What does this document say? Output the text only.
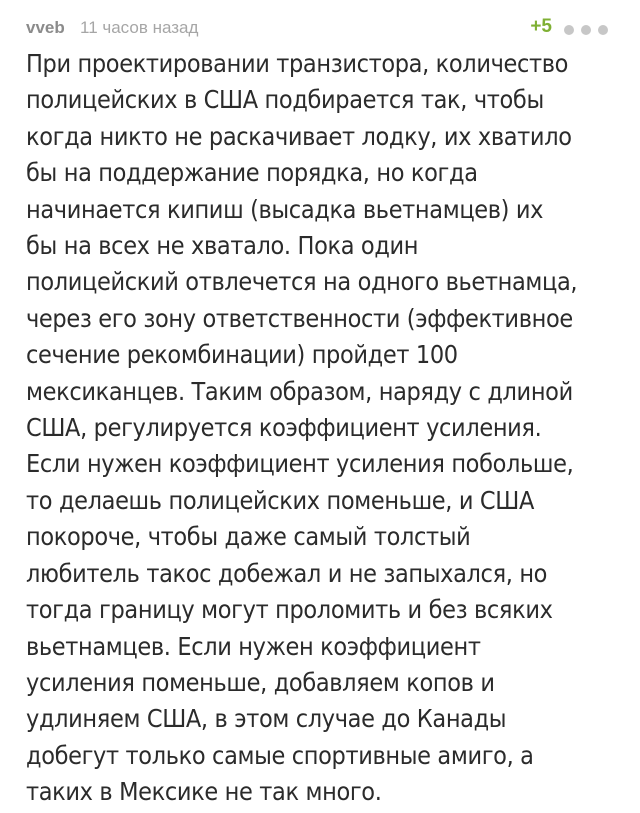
vveb 11 часов назад	+5

При проектировании транзистора, количество
полицейских в США подбирается так, чтобы
когда никто не раскачивает лодку, их хватило
бы на поддержание порядка, но когда
начинается кипиш (высадка вьетнамцев) их
бы на всех не хватало. Пока один
полицейский отвлечется на одного вьетнамца,
через его зону ответственности (эффективное
сечение рекомбинации) пройдет 100
мексиканцев. Таким образом, наряду с длиной
США, регулируется коэффициент усиления.
Если нужен коэффициент усиления побольше,
то делаешь полицейских поменьше, и США
покороче, чтобы даже самый толстый
любитель такос добежал и не запыхался, но
тогда границу могут проломить и без всяких
вьетнамцев. Если нужен коэффициент
усиления поменьше, добавляем копов и
удлиняем США, в этом случае до Канады
добегут только самые спортивные амиго, а
таких в Мексике не так много.
